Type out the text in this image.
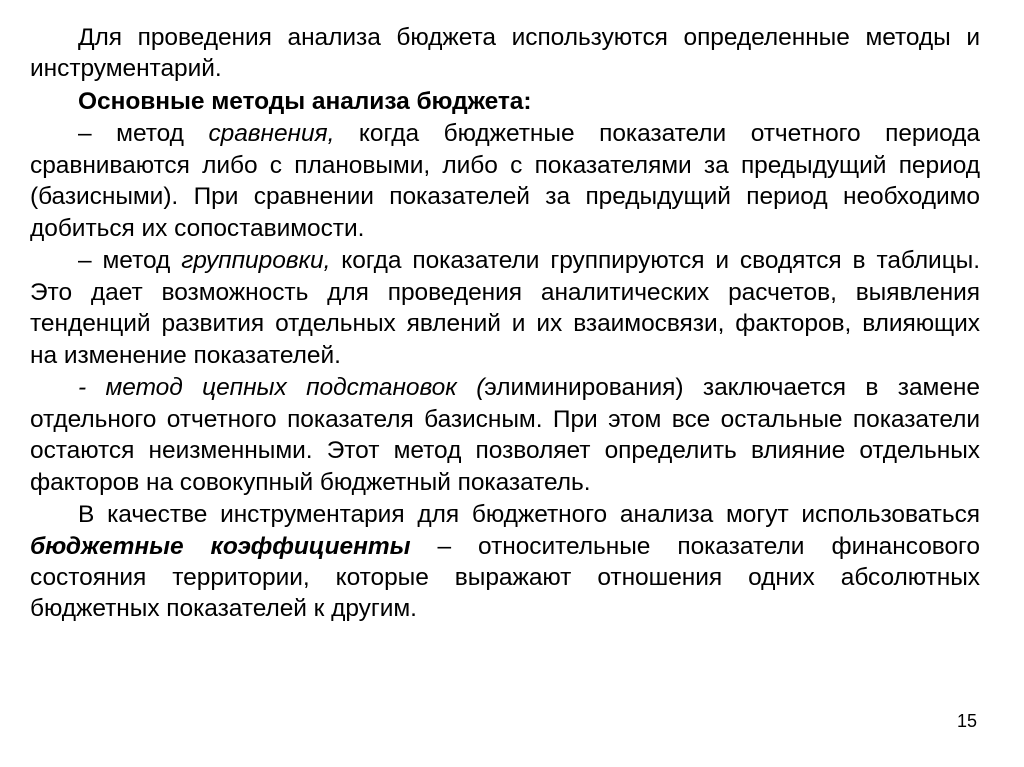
Для проведения анализа бюджета используются определенные методы и инструментарий.

Основные методы анализа бюджета:

– метод сравнения, когда бюджетные показатели отчетного периода сравниваются либо с плановыми, либо с показателями за предыдущий период (базисными). При сравнении показателей за предыдущий период необходимо добиться их сопоставимости.

– метод группировки, когда показатели группируются и сводятся в таблицы. Это дает возможность для проведения аналитических расчетов, выявления тенденций развития отдельных явлений и их взаимосвязи, факторов, влияющих на изменение показателей.

- метод цепных подстановок (элиминирования) заключается в замене отдельного отчетного показателя базисным. При этом все остальные показатели остаются неизменными. Этот метод позволяет определить влияние отдельных факторов на совокупный бюджетный показатель.

В качестве инструментария для бюджетного анализа могут использоваться бюджетные коэффициенты – относительные показатели финансового состояния территории, которые выражают отношения одних абсолютных бюджетных показателей к другим.

15
